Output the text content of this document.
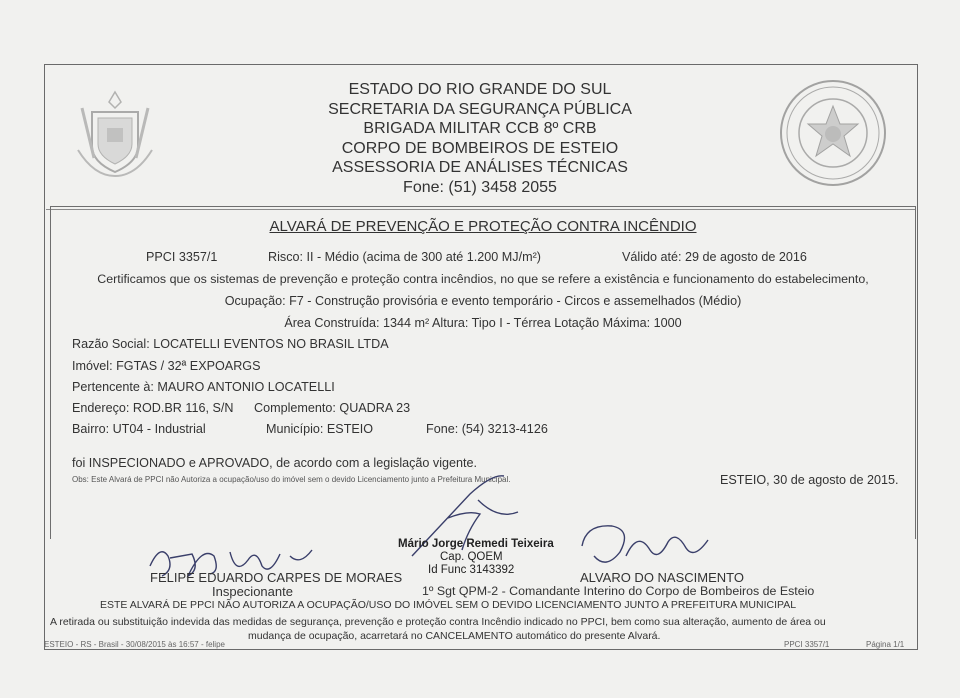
ESTADO DO RIO GRANDE DO SUL
SECRETARIA DA SEGURANÇA PÚBLICA
BRIGADA MILITAR CCB 8º CRB
CORPO DE BOMBEIROS DE ESTEIO
ASSESSORIA DE ANÁLISES TÉCNICAS
Fone: (51) 3458 2055
ALVARÁ DE PREVENÇÃO E PROTEÇÃO CONTRA INCÊNDIO
PPCI 3357/1	Risco: II - Médio (acima de 300 até 1.200 MJ/m²)	Válido até: 29 de agosto de 2016
Certificamos que os sistemas de prevenção e proteção contra incêndios, no que se refere a existência e funcionamento do estabelecimento,
Ocupação: F7 - Construção provisória e evento temporário - Circos e assemelhados (Médio)
Área Construída: 1344 m² Altura: Tipo I - Térrea Lotação Máxima: 1000
Razão Social: LOCATELLI EVENTOS NO BRASIL LTDA
Imóvel: FGTAS / 32ª EXPOARGS
Pertencente à: MAURO ANTONIO LOCATELLI
Endereço: ROD.BR 116, S/N Complemento: QUADRA 23
Bairro: UT04 - Industrial	Município: ESTEIO	Fone: (54) 3213-4126
foi INSPECIONADO e APROVADO, de acordo com a legislação vigente.
Obs: Este Alvará de PPCI não Autoriza a ocupação/uso do imóvel sem o devido Licenciamento junto a Prefeitura Municipal.	ESTEIO, 30 de agosto de 2015.
Mário Jorge Remedi Teixeira
Cap. QOEM
Id Func 3143392
FELIPE EDUARDO CARPES DE MORAES
Inspecionante
ALVARO DO NASCIMENTO
1º Sgt QPM-2 - Comandante Interino do Corpo de Bombeiros de Esteio
ESTE ALVARÁ DE PPCI NÃO AUTORIZA A OCUPAÇÃO/USO DO IMÓVEL SEM O DEVIDO LICENCIAMENTO JUNTO A PREFEITURA MUNICIPAL
A retirada ou substituição indevida das medidas de segurança, prevenção e proteção contra Incêndio indicado no PPCI, bem como sua alteração, aumento de área ou
mudança de ocupação, acarretará no CANCELAMENTO automático do presente Alvará.
ESTEIO - RS - Brasil - 30/08/2015 às 16:57 - felipe	PPCI 3357/1	Página 1/1
